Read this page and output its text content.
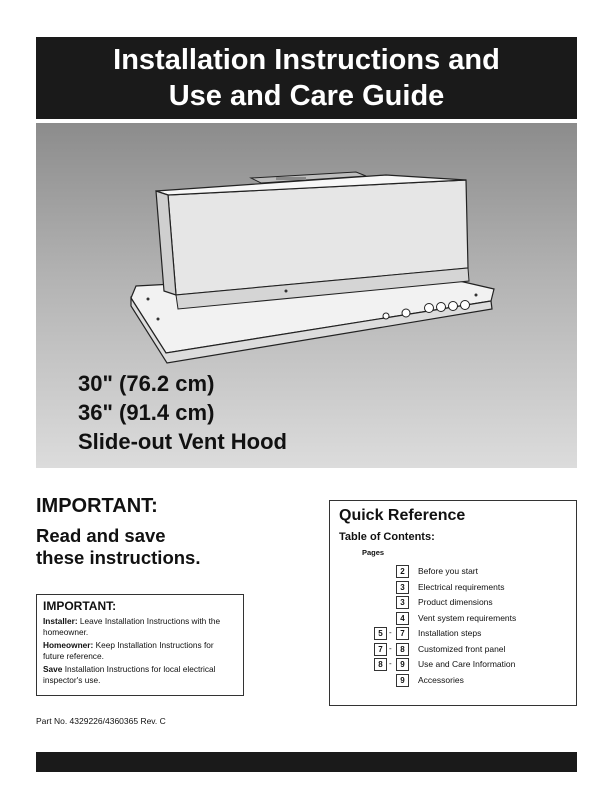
Installation Instructions and
Use and Care Guide
30" (76.2 cm)
36" (91.4 cm)
Slide-out Vent Hood
IMPORTANT:
Read and save
these instructions.
IMPORTANT:

Installer: Leave Installation Instructions with the homeowner.

Homeowner: Keep Installation Instructions for future reference.

Save Installation Instructions for local electrical inspector's use.

Quick Reference
Table of Contents:
Pages
2	Before you start
3	Electrical requirements
3	Product dimensions
4	Vent system requirements
5 -	7	Installation steps
7 -	8	Customized front panel
8 -	9	Use and Care Information
9	Accessories
Part No. 4329226/4360365 Rev. C
